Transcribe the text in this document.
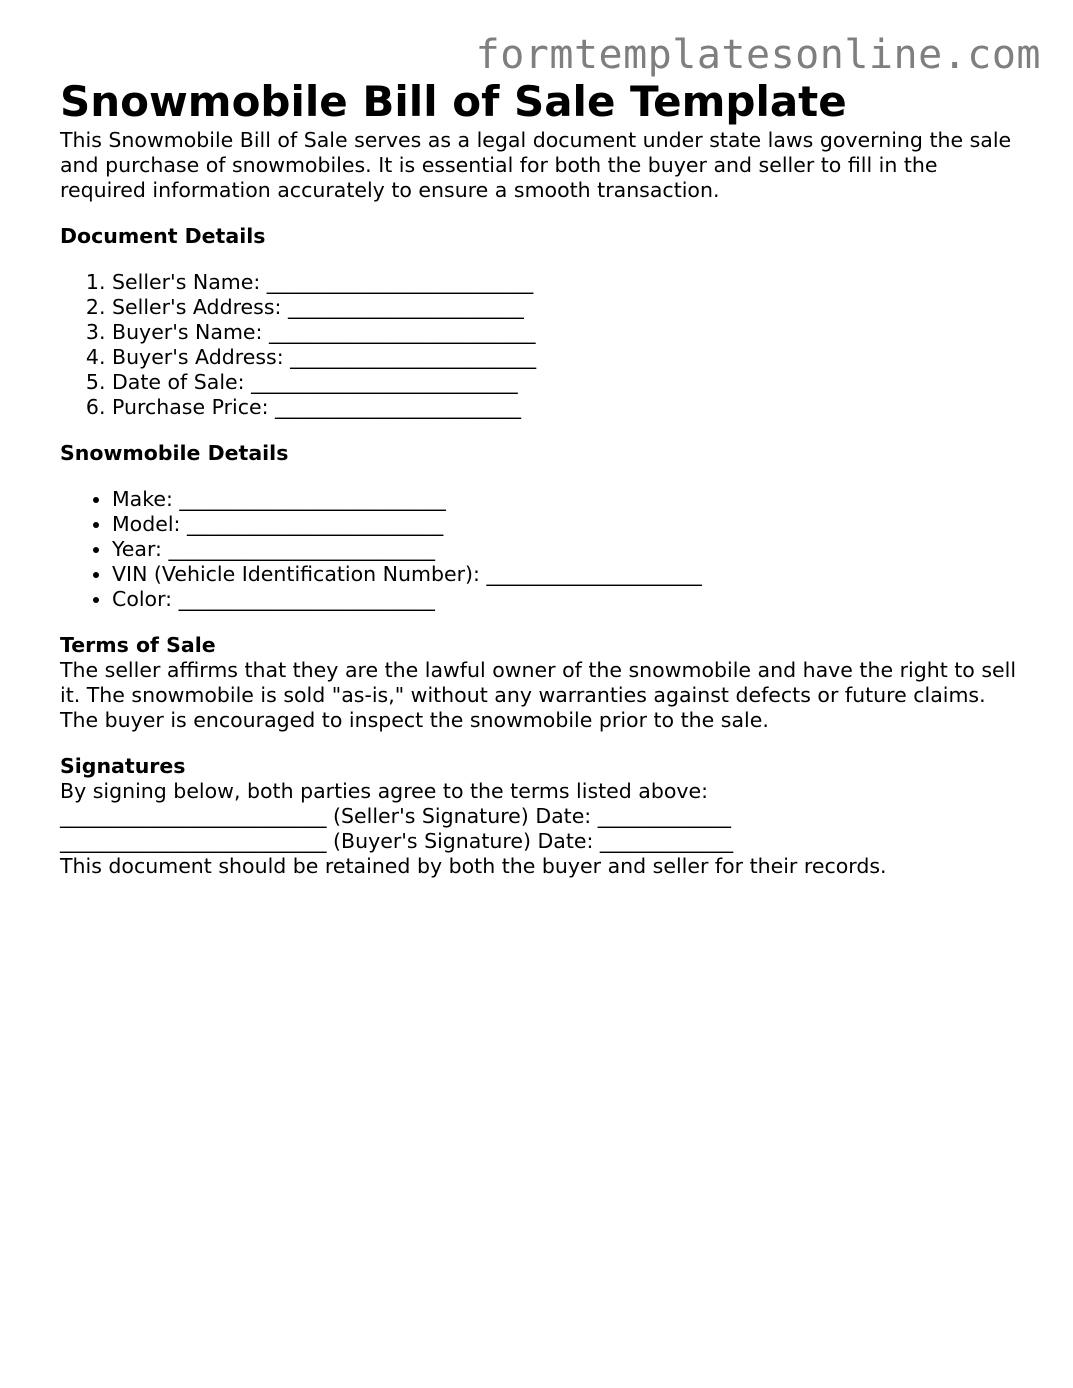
formtemplatesonline.com
Snowmobile Bill of Sale Template

This Snowmobile Bill of Sale serves as a legal document under state laws governing the sale and purchase of snowmobiles. It is essential for both the buyer and seller to fill in the required information accurately to ensure a smooth transaction.

Document Details
1. Seller's Name: __________________________
2. Seller's Address: _______________________
3. Buyer's Name: __________________________
4. Buyer's Address: ________________________
5. Date of Sale: __________________________
6. Purchase Price: ________________________
Snowmobile Details
• Make: __________________________
• Model: _________________________
• Year: __________________________
• VIN (Vehicle Identification Number): _____________________
• Color: _________________________
Terms of Sale

The seller affirms that they are the lawful owner of the snowmobile and have the right to sell it. The snowmobile is sold "as-is," without any warranties against defects or future claims. The buyer is encouraged to inspect the snowmobile prior to the sale.

Signatures

By signing below, both parties agree to the terms listed above:

__________________________ (Seller's Signature) Date: _____________

__________________________ (Buyer's Signature) Date: _____________

This document should be retained by both the buyer and seller for their records.
